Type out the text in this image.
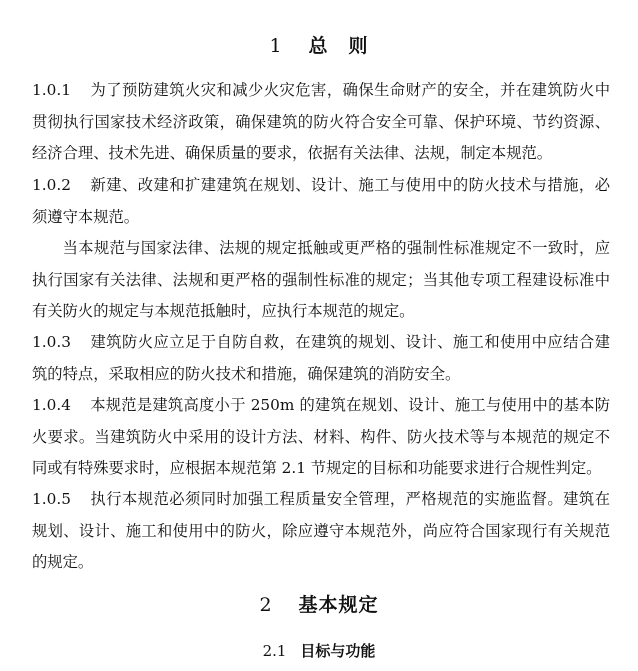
1 总　则
1.0.1 为了预防建筑火灾和减少火灾危害，确保生命财产的安全，并在建筑防火中贯彻执行国家技术经济政策，确保建筑的防火符合安全可靠、保护环境、节约资源、经济合理、技术先进、确保质量的要求，依据有关法律、法规，制定本规范。
1.0.2 新建、改建和扩建建筑在规划、设计、施工与使用中的防火技术与措施，必须遵守本规范。
当本规范与国家法律、法规的规定抵触或更严格的强制性标准规定不一致时，应执行国家有关法律、法规和更严格的强制性标准的规定；当其他专项工程建设标准中有关防火的规定与本规范抵触时，应执行本规范的规定。
1.0.3 建筑防火应立足于自防自救，在建筑的规划、设计、施工和使用中应结合建筑的特点，采取相应的防火技术和措施，确保建筑的消防安全。
1.0.4 本规范是建筑高度小于 250m 的建筑在规划、设计、施工与使用中的基本防火要求。当建筑防火中采用的设计方法、材料、构件、防火技术等与本规范的规定不同或有特殊要求时，应根据本规范第 2.1 节规定的目标和功能要求进行合规性判定。
1.0.5 执行本规范必须同时加强工程质量安全管理，严格规范的实施监督。建筑在规划、设计、施工和使用中的防火，除应遵守本规范外，尚应符合国家现行有关规范的规定。
2 基本规定
2.1 目标与功能
